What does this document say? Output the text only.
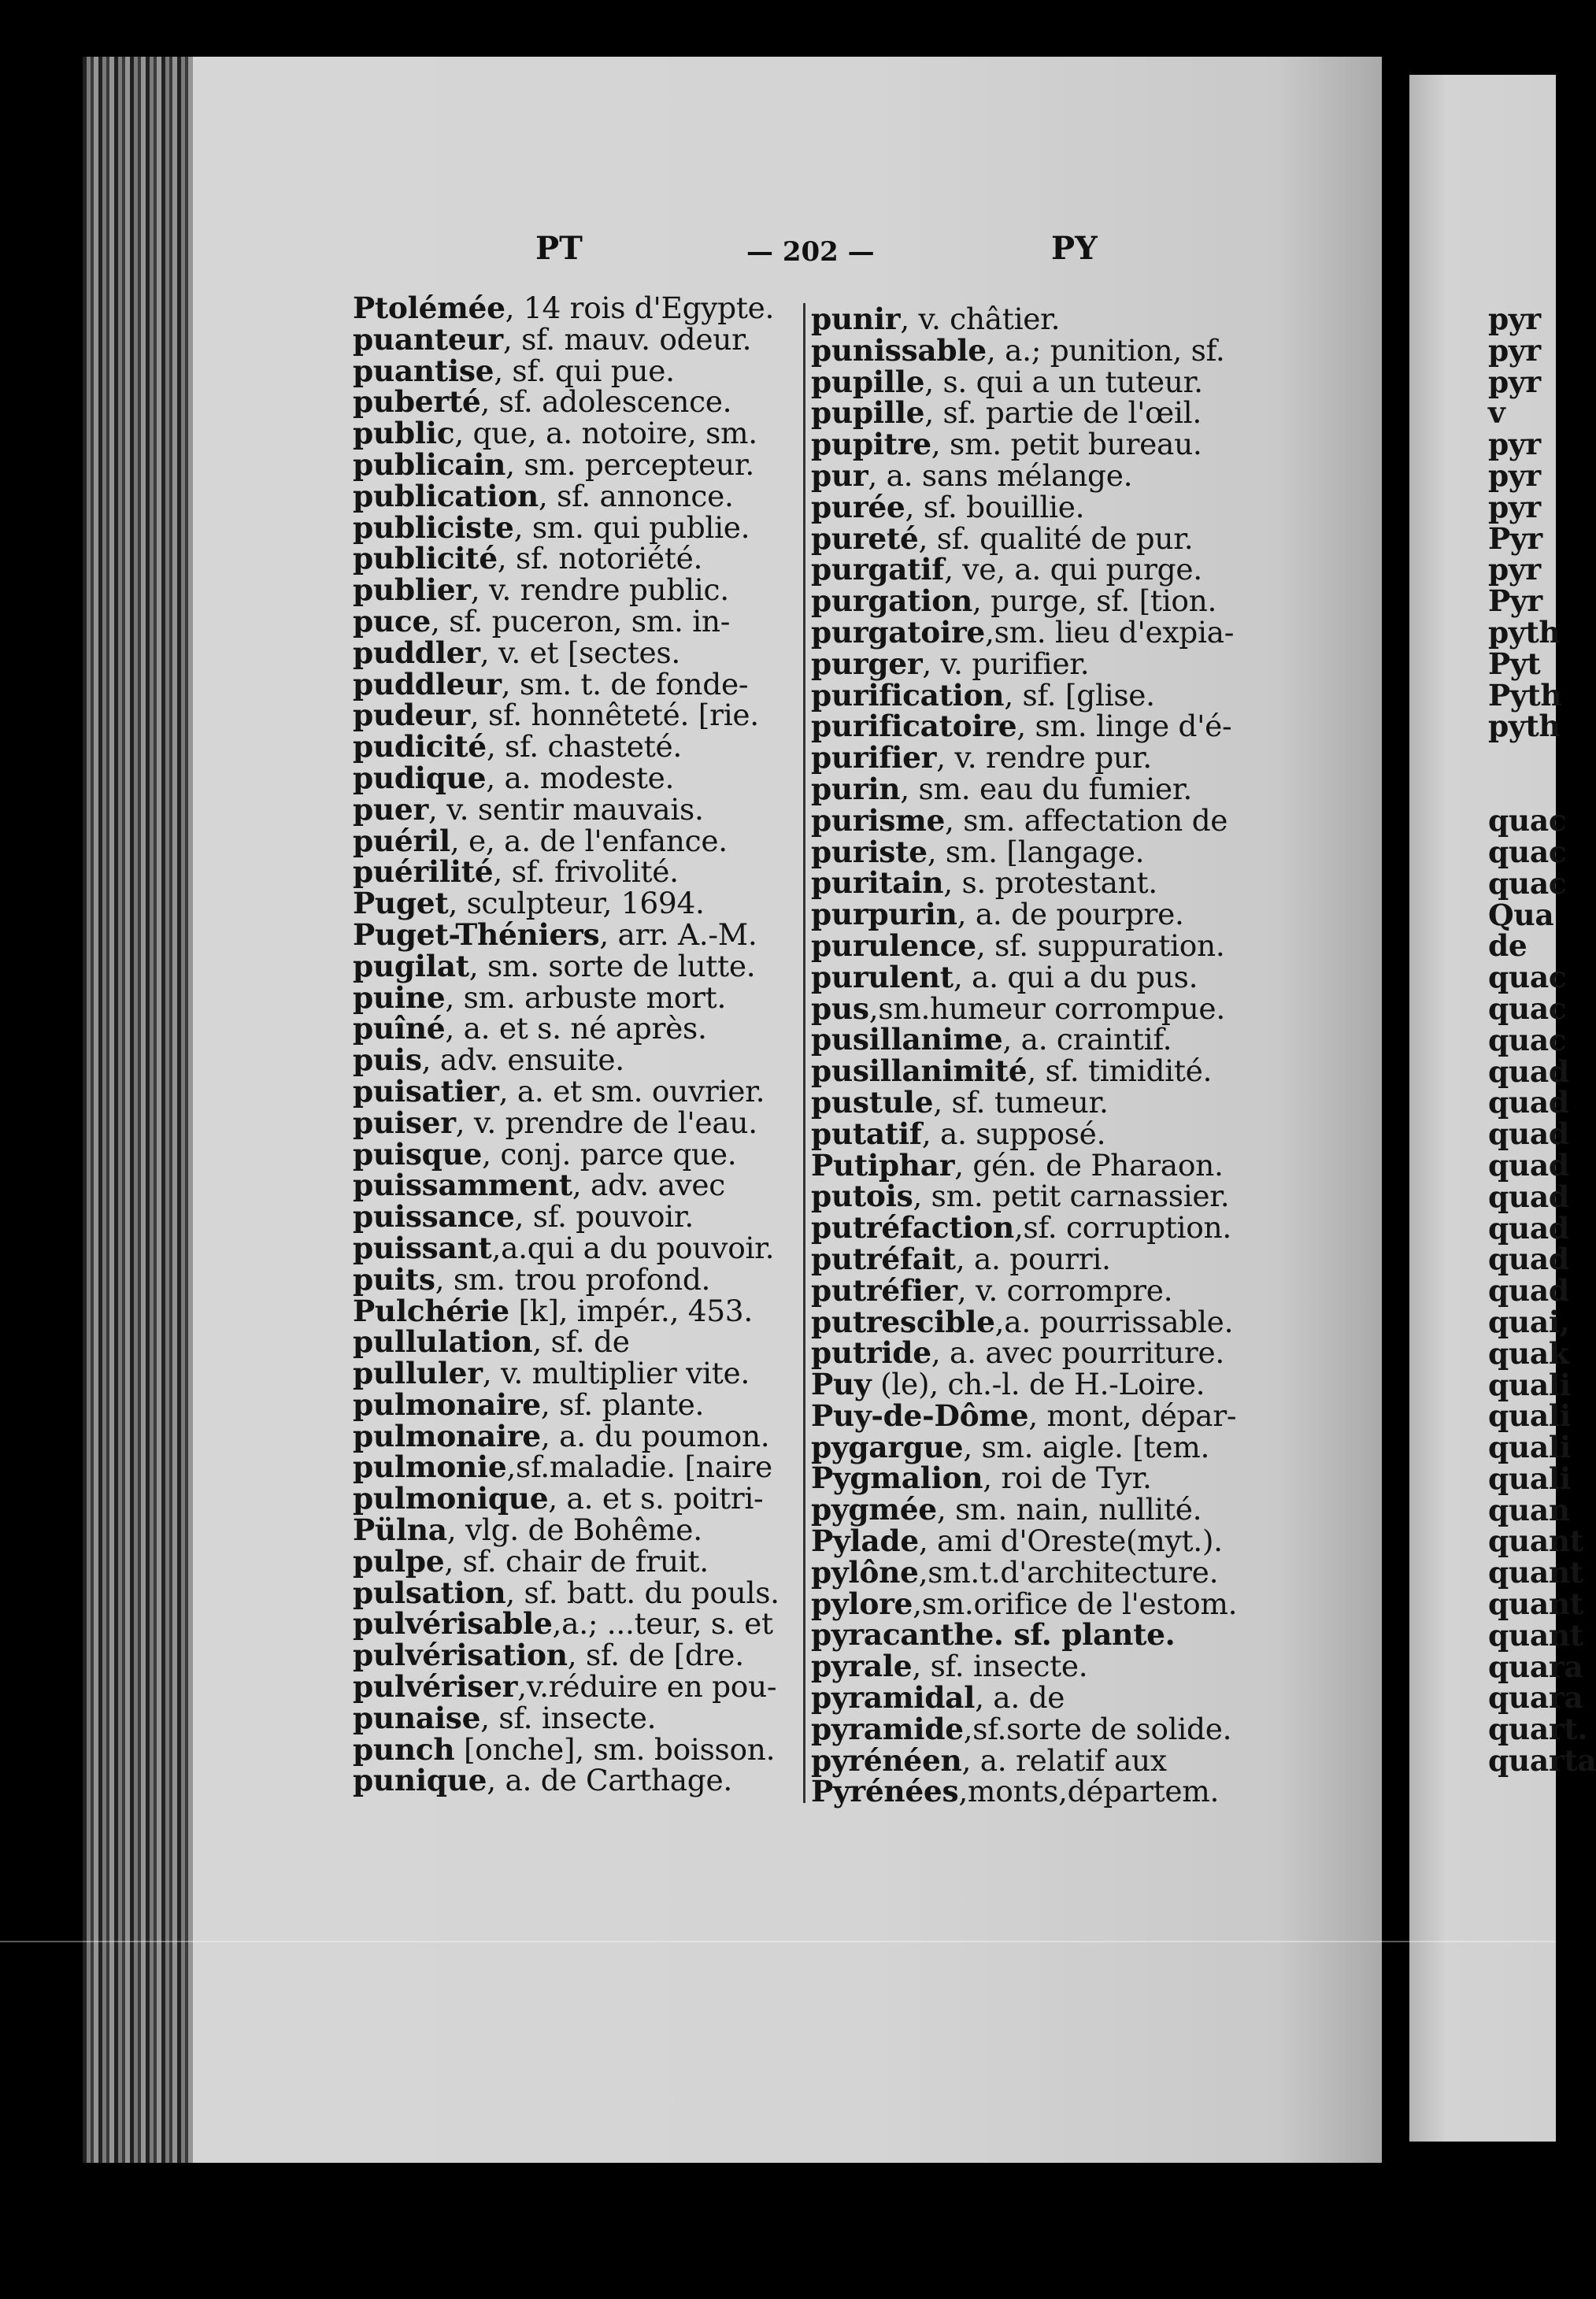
PT	— 202 —	PY
Ptolémée, 14 rois d'Egypte.
puanteur, sf. mauv. odeur.
puantise, sf. qui pue.
puberté, sf. adolescence.
public, que, a. notoire, sm.
publicain, sm. percepteur.
publication, sf. annonce.
publiciste, sm. qui publie.
publicité, sf. notoriété.
publier, v. rendre public.
puce, sf. puceron, sm. in-
puddler, v. et [sectes.
puddleur, sm. t. de fonde-
pudeur, sf. honnêteté. [rie.
pudicité, sf. chasteté.
pudique, a. modeste.
puer, v. sentir mauvais.
puéril, e, a. de l'enfance.
puérilité, sf. frivolité.
Puget, sculpteur, 1694.
Puget-Théniers, arr. A.-M.
pugilat, sm. sorte de lutte.
puine, sm. arbuste mort.
puîné, a. et s. né après.
puis, adv. ensuite.
puisatier, a. et sm. ouvrier.
puiser, v. prendre de l'eau.
puisque, conj. parce que.
puissamment, adv. avec
puissance, sf. pouvoir.
puissant,a.qui a du pouvoir.
puits, sm. trou profond.
Pulchérie [k], impér., 453.
pullulation, sf. de
pulluler, v. multiplier vite.
pulmonaire, sf. plante.
pulmonaire, a. du poumon.
pulmonie,sf.maladie. [naire
pulmonique, a. et s. poitri-
Pülna, vlg. de Bohême.
pulpe, sf. chair de fruit.
pulsation, sf. batt. du pouls.
pulvérisable,a.; ...teur, s. et
pulvérisation, sf. de [dre.
pulvériser,v.réduire en pou-
punaise, sf. insecte.
punch [onche], sm. boisson.
punique, a. de Carthage.
punir, v. châtier.
punissable, a.; punition, sf.
pupille, s. qui a un tuteur.
pupille, sf. partie de l'œil.
pupitre, sm. petit bureau.
pur, a. sans mélange.
purée, sf. bouillie.
pureté, sf. qualité de pur.
purgatif, ve, a. qui purge.
purgation, purge, sf. [tion.
purgatoire,sm. lieu d'expia-
purger, v. purifier.
purification, sf. [glise.
purificatoire, sm. linge d'é-
purifier, v. rendre pur.
purin, sm. eau du fumier.
purisme, sm. affectation de
puriste, sm. [langage.
puritain, s. protestant.
purpurin, a. de pourpre.
purulence, sf. suppuration.
purulent, a. qui a du pus.
pus,sm.humeur corrompue.
pusillanime, a. craintif.
pusillanimité, sf. timidité.
pustule, sf. tumeur.
putatif, a. supposé.
Putiphar, gén. de Pharaon.
putois, sm. petit carnassier.
putréfaction,sf. corruption.
putréfait, a. pourri.
putréfier, v. corrompre.
putrescible,a. pourrissable.
putride, a. avec pourriture.
Puy (le), ch.-l. de H.-Loire.
Puy-de-Dôme, mont, dépar-
pygargue, sm. aigle. [tem.
Pygmalion, roi de Tyr.
pygmée, sm. nain, nullité.
Pylade, ami d'Oreste(myt.).
pylône,sm.t.d'architecture.
pylore,sm.orifice de l'estom.
pyracanthe. sf. plante.
pyrale, sf. insecte.
pyramidal, a. de
pyramide,sf.sorte de solide.
pyrénéen, a. relatif aux
Pyrénées,monts,départem.
pyr
pyr
pyr
v
pyr
pyr
pyr
Pyr
pyr
Pyr
pyth
Pyt
Pyth
pyth
quac
quac
quac
Qua
de
quac
quac
quac
quad
quad
quad
quad
quad
quad
quad
quad
quai,
quak
quali
quali
quali
quali
quan
quant
quant
quant
quant
quara
quara
quart.
quarta
